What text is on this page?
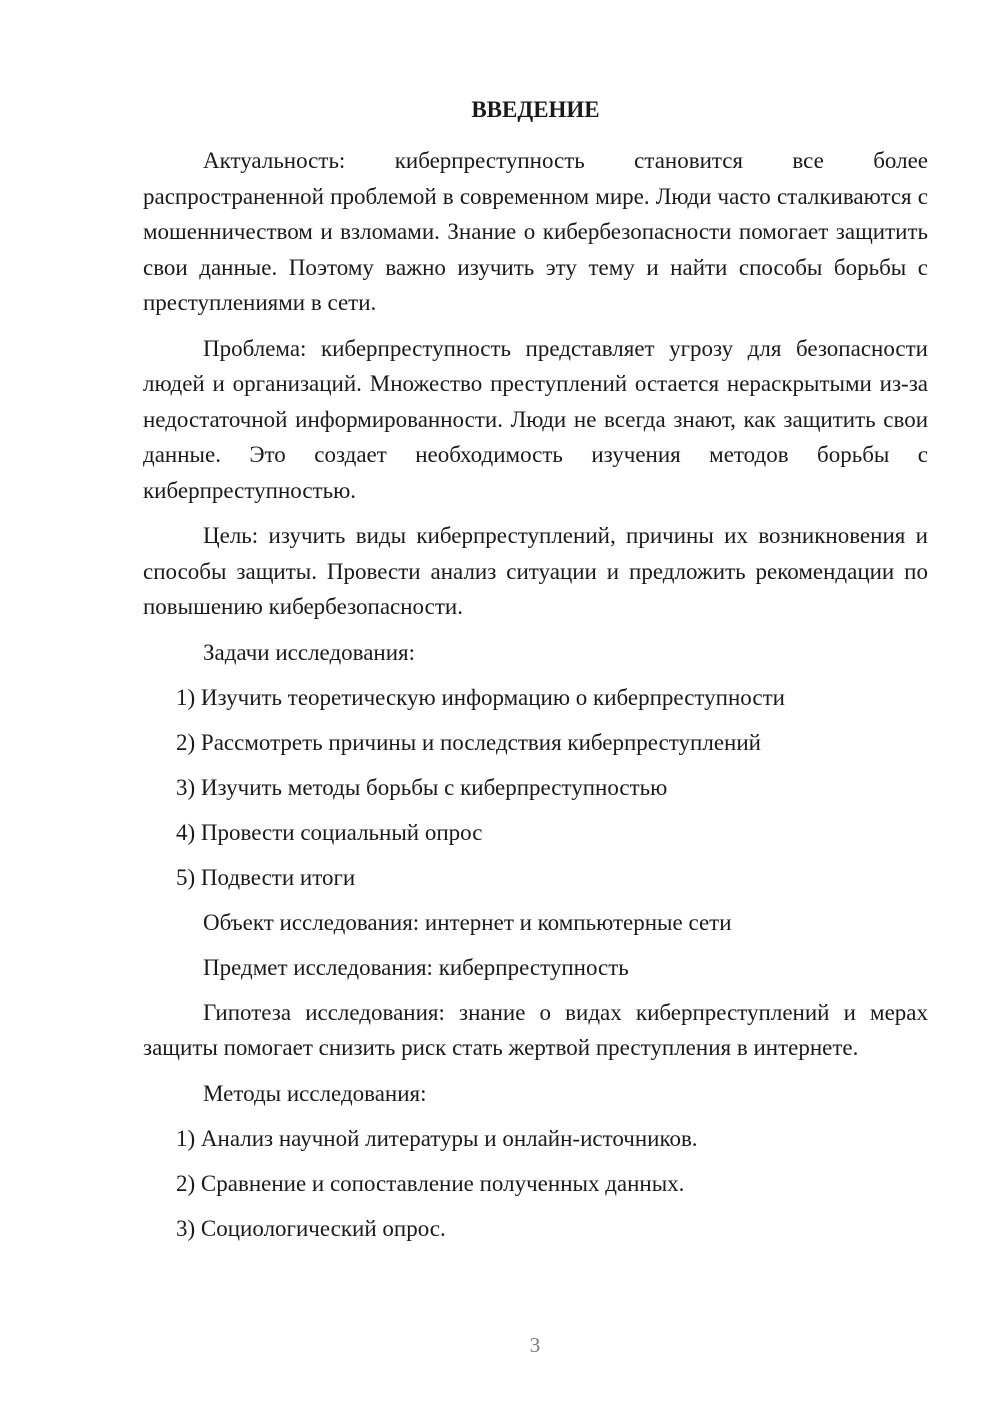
ВВЕДЕНИЕ

Актуальность: киберпреступность становится все более распространенной проблемой в современном мире. Люди часто сталкиваются с мошенничеством и взломами. Знание о кибербезопасности помогает защитить свои данные. Поэтому важно изучить эту тему и найти способы борьбы с преступлениями в сети.

Проблема: киберпреступность представляет угрозу для безопасности людей и организаций. Множество преступлений остается нераскрытыми из-за недостаточной информированности. Люди не всегда знают, как защитить свои данные. Это создает необходимость изучения методов борьбы с киберпреступностью.

Цель: изучить виды киберпреступлений, причины их возникновения и способы защиты. Провести анализ ситуации и предложить рекомендации по повышению кибербезопасности.

Задачи исследования:
1) Изучить теоретическую информацию о киберпреступности
2) Рассмотреть причины и последствия киберпреступлений
3) Изучить методы борьбы с киберпреступностью
4) Провести социальный опрос
5) Подвести итоги
Объект исследования: интернет и компьютерные сети
Предмет исследования: киберпреступность

Гипотеза исследования: знание о видах киберпреступлений и мерах защиты помогает снизить риск стать жертвой преступления в интернете.

Методы исследования:
1) Анализ научной литературы и онлайн-источников.
2) Сравнение и сопоставление полученных данных.
3) Социологический опрос.
3
